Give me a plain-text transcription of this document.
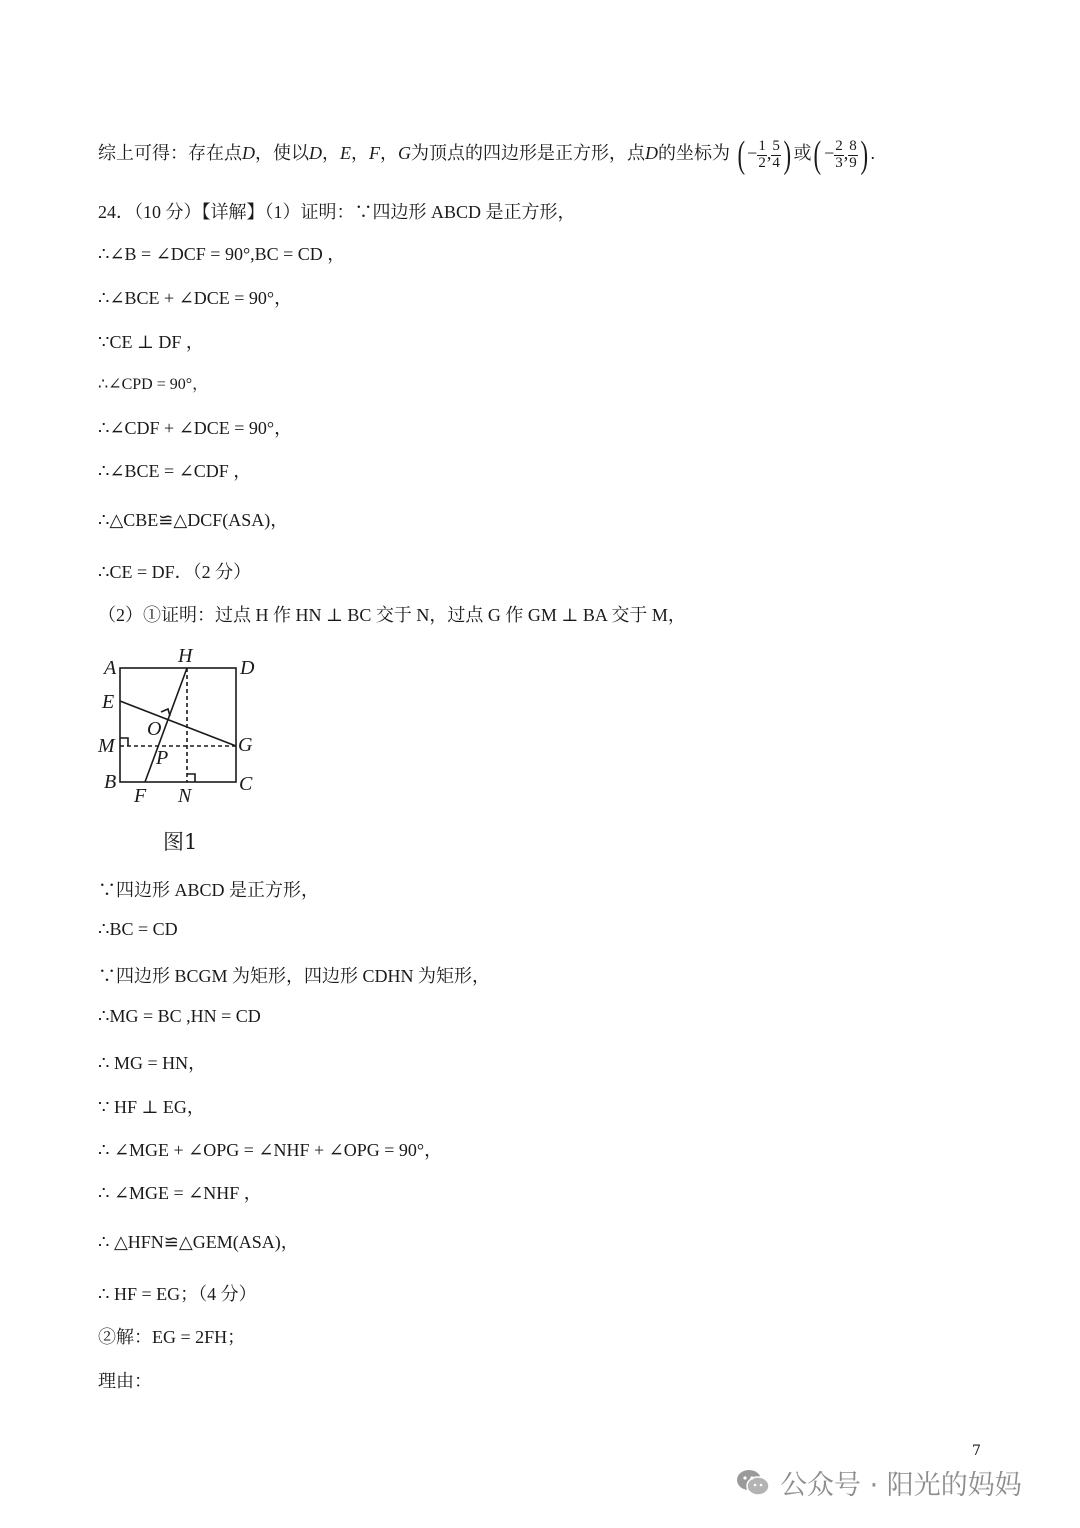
综上可得：存在点D，使以D，E，F，G为顶点的四边形是正方形，点D的坐标为 ( − $\frac{1}{2}$ , $\frac{5}{4}$ ) 或( − $\frac{2}{3}$ , $\frac{8}{9}$ ) .
24．（10 分）【详解】（1）证明：∵四边形 ABCD 是正方形，
∴∠B = ∠DCF = 90°,BC = CD ，
∴∠BCE + ∠DCE = 90°，
∵CE ⊥ DF ，
∴∠CPD = 90°，
∴∠CDF + ∠DCE = 90°，
∴∠BCE = ∠CDF ，
∴△CBE≌△DCF(ASA)，
∴CE = DF．（2 分）
（2）①证明：过点 H 作 HN ⊥ BC 交于 N，过点 G 作 GM ⊥ BA 交于 M，
A
H
D
E
O
M	G
P
B	C
F N
图1
∵四边形 ABCD 是正方形，
∴BC = CD
∵四边形 BCGM 为矩形，四边形 CDHN 为矩形，
∴MG = BC ,HN = CD
∴ MG = HN，
∵ HF ⊥ EG，
∴ ∠MGE + ∠OPG = ∠NHF + ∠OPG = 90°，
∴ ∠MGE = ∠NHF ，
∴ △HFN≌△GEM(ASA)，
∴ HF = EG；（4 分）
②解：EG = 2FH；
理由：
7
公众号 · 阳光的妈妈
